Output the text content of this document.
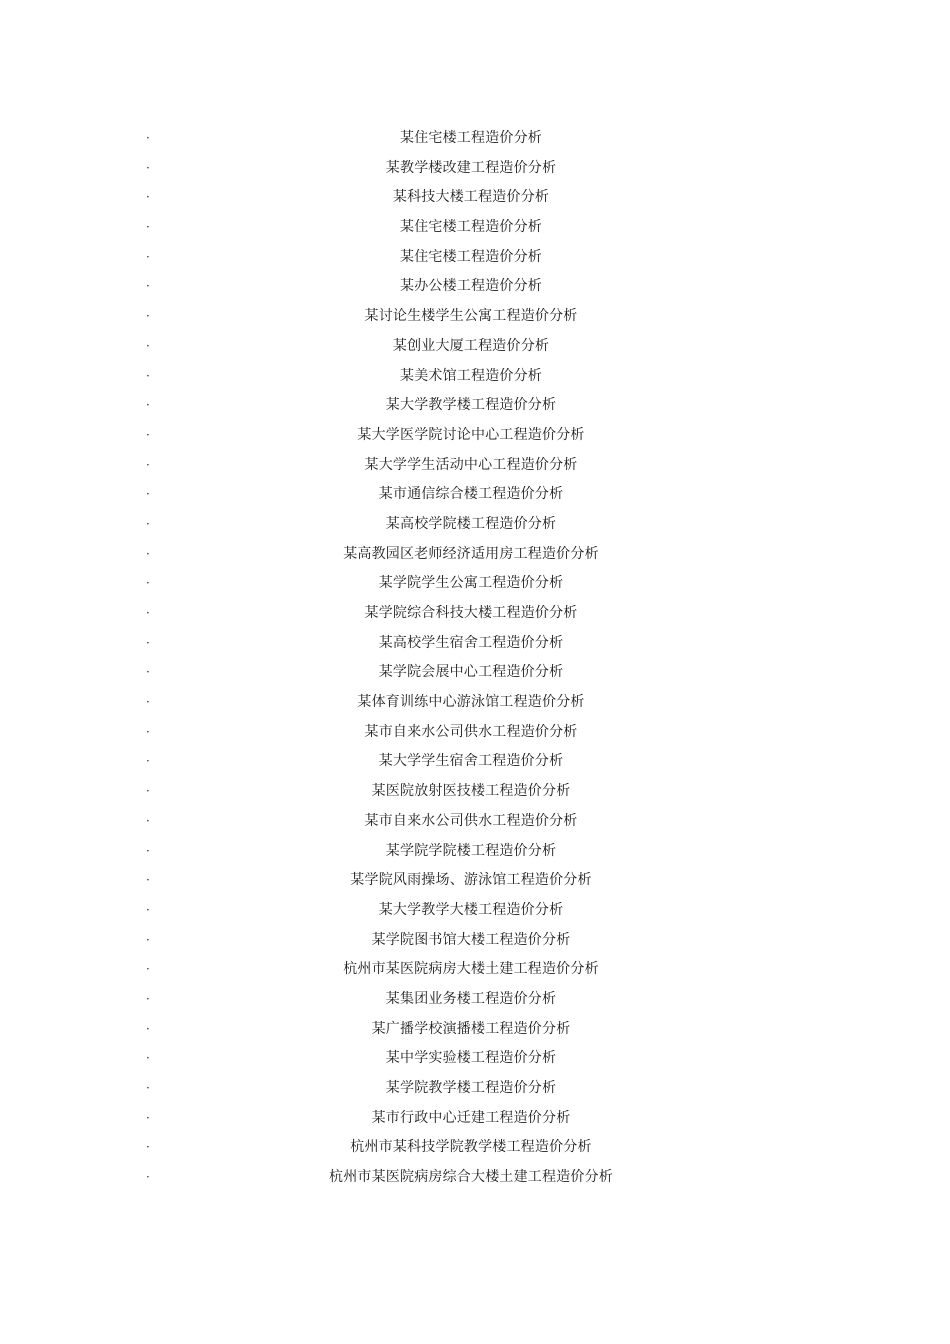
·	某住宅楼工程造价分析
·	某教学楼改建工程造价分析
·	某科技大楼工程造价分析
·	某住宅楼工程造价分析
·	某住宅楼工程造价分析
·	某办公楼工程造价分析
·	某讨论生楼学生公寓工程造价分析
·	某创业大厦工程造价分析
·	某美术馆工程造价分析
·	某大学教学楼工程造价分析
·	某大学医学院讨论中心工程造价分析
·	某大学学生活动中心工程造价分析
·	某市通信综合楼工程造价分析
·	某高校学院楼工程造价分析
·	某高教园区老师经济适用房工程造价分析
·	某学院学生公寓工程造价分析
·	某学院综合科技大楼工程造价分析
·	某高校学生宿舍工程造价分析
·	某学院会展中心工程造价分析
·	某体育训练中心游泳馆工程造价分析
·	某市自来水公司供水工程造价分析
·	某大学学生宿舍工程造价分析
·	某医院放射医技楼工程造价分析
·	某市自来水公司供水工程造价分析
·	某学院学院楼工程造价分析
·	某学院风雨操场、游泳馆工程造价分析
·	某大学教学大楼工程造价分析
·	某学院图书馆大楼工程造价分析
·	杭州市某医院病房大楼土建工程造价分析
·	某集团业务楼工程造价分析
·	某广播学校演播楼工程造价分析
·	某中学实验楼工程造价分析
·	某学院教学楼工程造价分析
·	某市行政中心迁建工程造价分析
·	杭州市某科技学院教学楼工程造价分析
·	杭州市某医院病房综合大楼土建工程造价分析
